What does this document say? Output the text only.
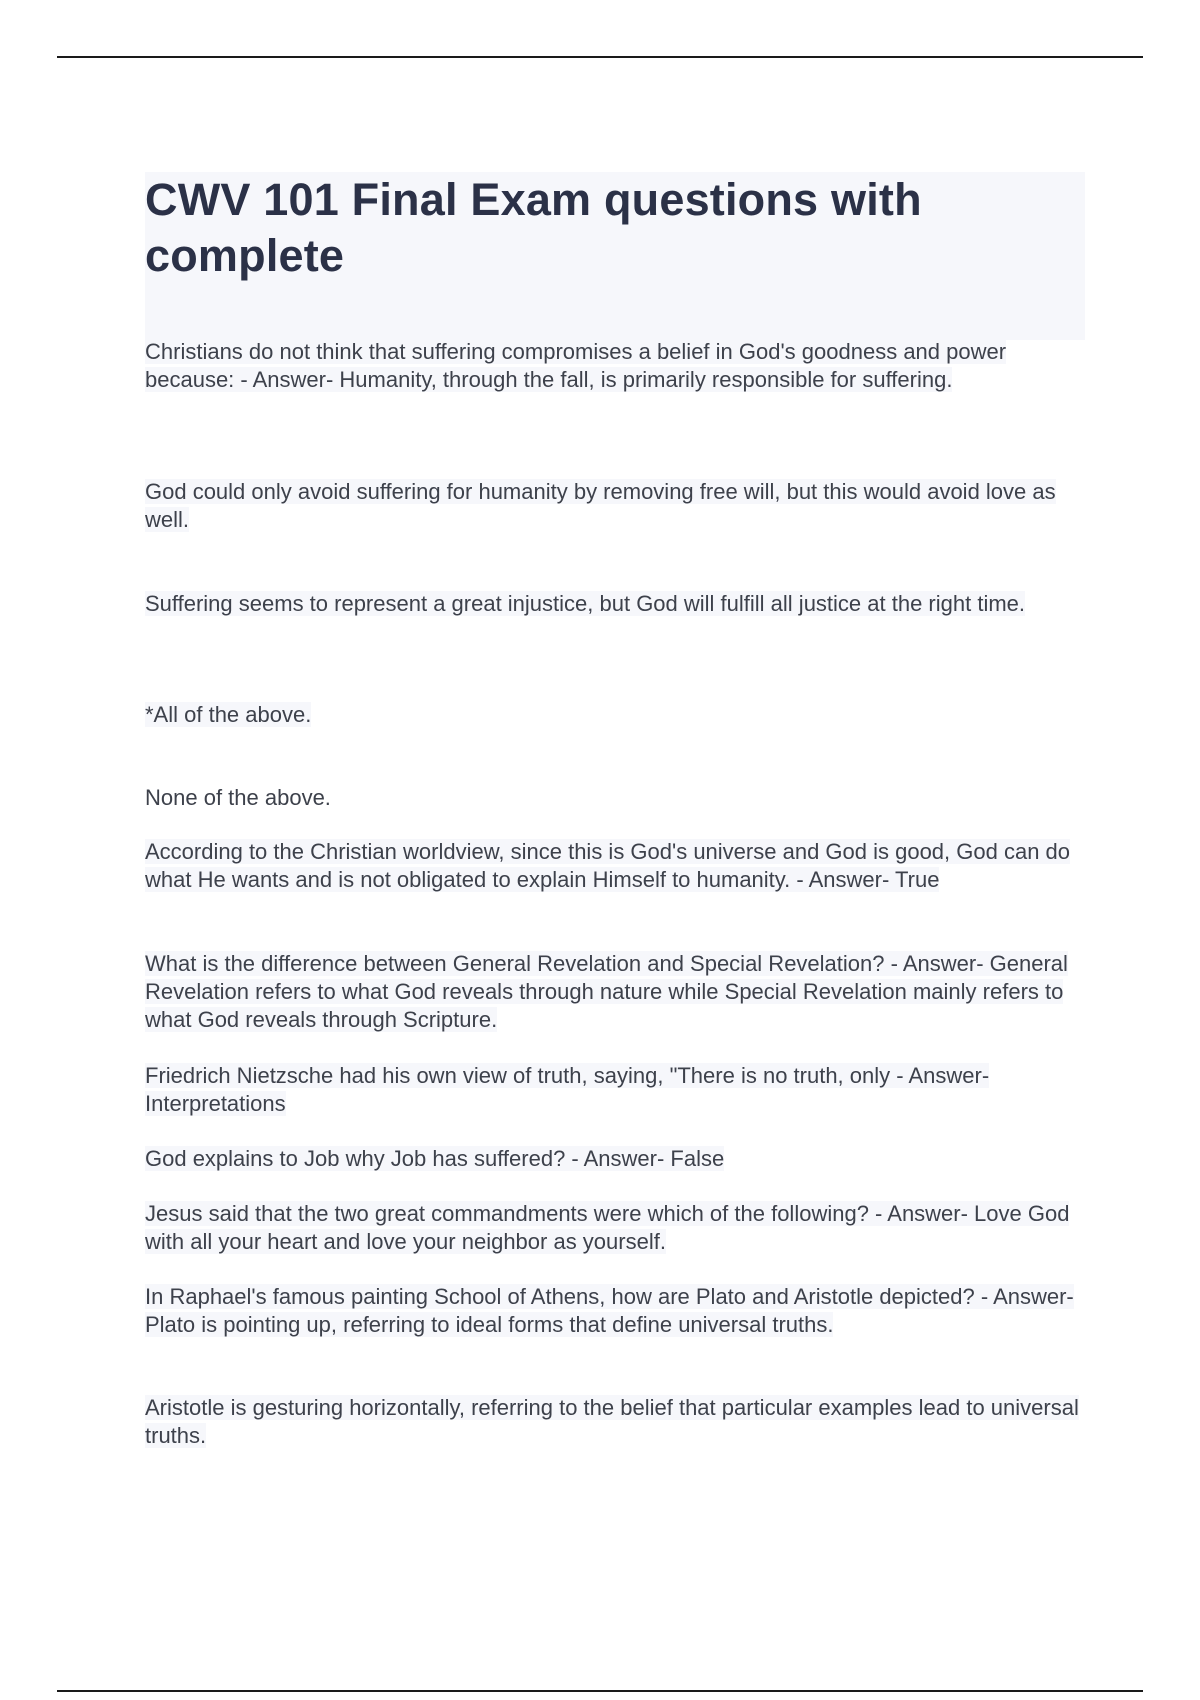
CWV 101 Final Exam questions with complete

Christians do not think that suffering compromises a belief in God's goodness and power because: - Answer- Humanity, through the fall, is primarily responsible for suffering.

God could only avoid suffering for humanity by removing free will, but this would avoid love as well.

Suffering seems to represent a great injustice, but God will fulfill all justice at the right time.

*All of the above.

None of the above.

According to the Christian worldview, since this is God's universe and God is good, God can do what He wants and is not obligated to explain Himself to humanity. - Answer- True

What is the difference between General Revelation and Special Revelation? - Answer- General Revelation refers to what God reveals through nature while Special Revelation mainly refers to what God reveals through Scripture.

Friedrich Nietzsche had his own view of truth, saying, "There is no truth, only - Answer- Interpretations

God explains to Job why Job has suffered? - Answer- False

Jesus said that the two great commandments were which of the following? - Answer- Love God with all your heart and love your neighbor as yourself.

In Raphael's famous painting School of Athens, how are Plato and Aristotle depicted? - Answer- Plato is pointing up, referring to ideal forms that define universal truths.

Aristotle is gesturing horizontally, referring to the belief that particular examples lead to universal truths.
